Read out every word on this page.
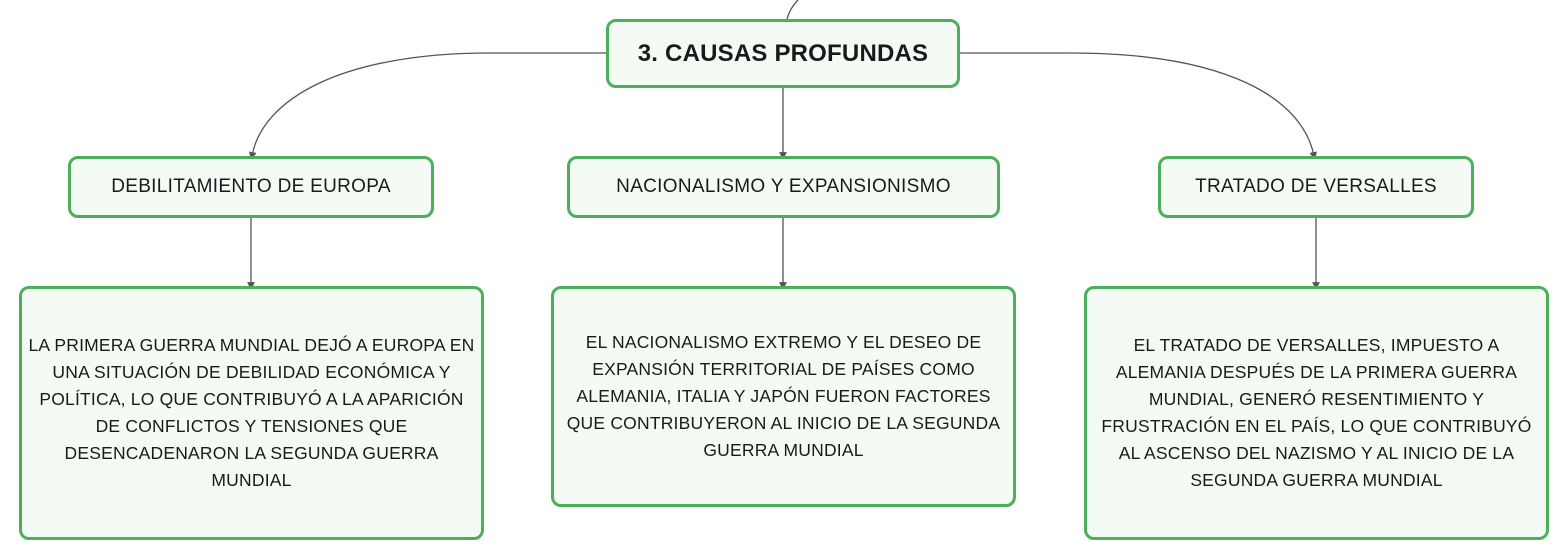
3. CAUSAS PROFUNDAS
DEBILITAMIENTO DE EUROPA	NACIONALISMO Y EXPANSIONISMO	TRATADO DE VERSALLES
LA PRIMERA GUERRA MUNDIAL DEJÓ A EUROPA EN UNA SITUACIÓN DE DEBILIDAD ECONÓMICA Y POLÍTICA, LO QUE CONTRIBUYÓ A LA APARICIÓN DE CONFLICTOS Y TENSIONES QUE DESENCADENARON LA SEGUNDA GUERRA MUNDIAL
EL NACIONALISMO EXTREMO Y EL DESEO DE EXPANSIÓN TERRITORIAL DE PAÍSES COMO ALEMANIA, ITALIA Y JAPÓN FUERON FACTORES QUE CONTRIBUYERON AL INICIO DE LA SEGUNDA GUERRA MUNDIAL
EL TRATADO DE VERSALLES, IMPUESTO A ALEMANIA DESPUÉS DE LA PRIMERA GUERRA MUNDIAL, GENERÓ RESENTIMIENTO Y FRUSTRACIÓN EN EL PAÍS, LO QUE CONTRIBUYÓ AL ASCENSO DEL NAZISMO Y AL INICIO DE LA SEGUNDA GUERRA MUNDIAL
